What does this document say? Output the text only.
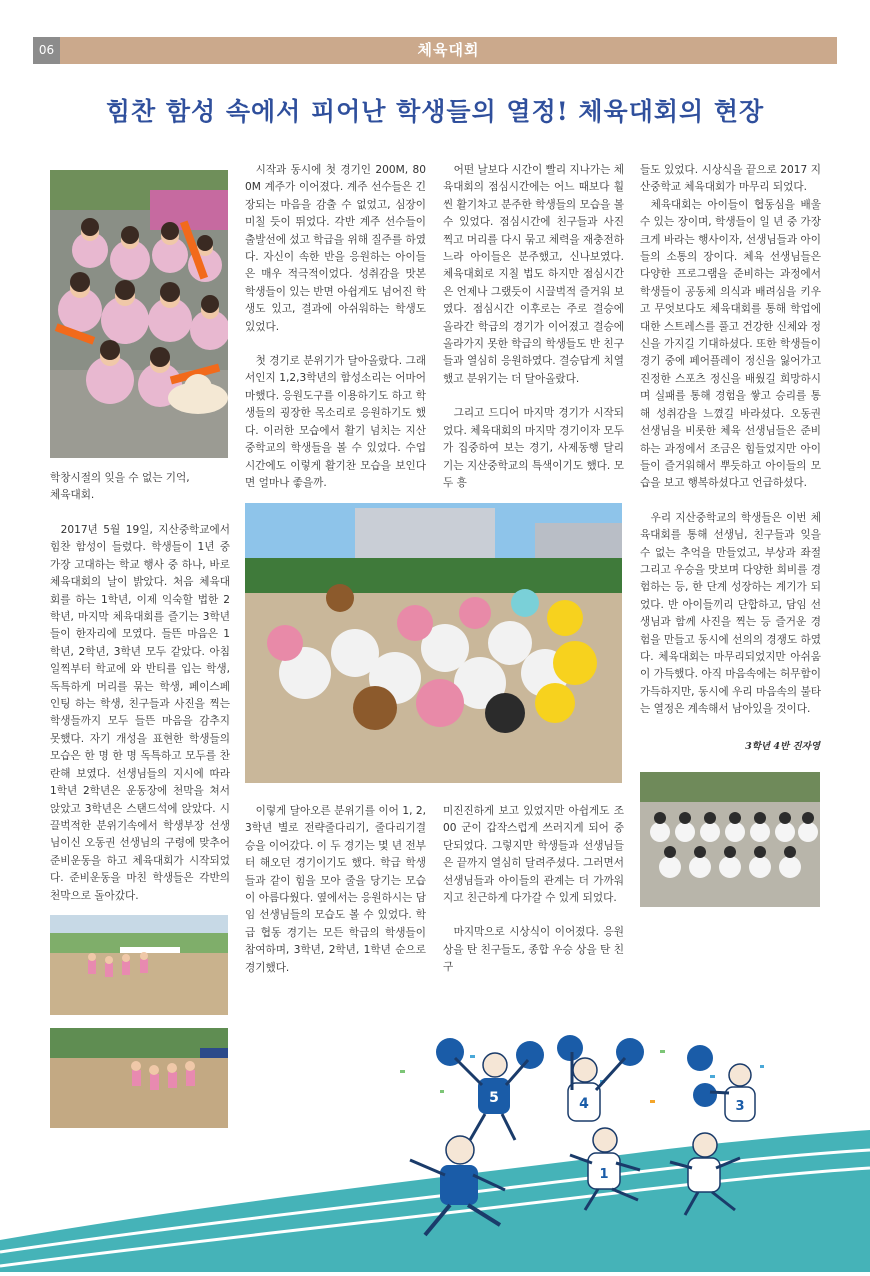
06	체육대회
힘찬 함성 속에서 피어난 학생들의 열정! 체육대회의 현장
학창시절의 잊을 수 없는 기억,
체육대회.

2017년 5월 19일, 지산중학교에서 힘찬 함성이 들렸다. 학생들이 1년 중 가장 고대하는 학교 행사 중 하나, 바로 체육대회의 날이 밝았다. 처음 체육대회를 하는 1학년, 이제 익숙할 법한 2학년, 마지막 체육대회를 즐기는 3학년들이 한자리에 모였다. 들뜬 마음은 1학년, 2학년, 3학년 모두 같았다. 아침 일찍부터 학교에 와 반티를 입는 학생, 독특하게 머리를 묶는 학생, 페이스페인팅 하는 학생, 친구들과 사진을 찍는 학생들까지 모두 들뜬 마음을 감추지 못했다. 자기 개성을 표현한 학생들의 모습은 한 명 한 명 독특하고 모두를 찬란해 보였다. 선생님들의 지시에 따라 1학년 2학년은 운동장에 천막을 쳐서 앉았고 3학년은 스탠드석에 앉았다. 시끌벅적한 분위기속에서 학생부장 선생님이신 오동권 선생님의 구령에 맞추어 준비운동을 하고 체육대회가 시작되었다. 준비운동을 마친 학생들은 각반의 천막으로 돌아갔다.

시작과 동시에 첫 경기인 200M, 800M 계주가 이어졌다. 계주 선수들은 긴장되는 마음을 감출 수 없었고, 심장이 미칠 듯이 뛰었다. 각반 계주 선수들이 출발선에 섰고 학급을 위해 질주를 하였다. 자신이 속한 반을 응원하는 아이들은 매우 적극적이었다. 성취감을 맛본 학생들이 있는 반면 아쉽게도 넘어진 학생도 있고, 결과에 아쉬워하는 학생도 있었다.

첫 경기로 분위기가 달아올랐다. 그래서인지 1,2,3학년의 함성소리는 어마어마했다. 응원도구를 이용하기도 하고 학생들의 굉장한 목소리로 응원하기도 했다. 이러한 모습에서 활기 넘치는 지산중학교의 학생들을 볼 수 있었다. 수업시간에도 이렇게 활기찬 모습을 보인다면 얼마나 좋을까.

어떤 날보다 시간이 빨리 지나가는 체육대회의 점심시간에는 어느 때보다 훨씬 활기차고 분주한 학생들의 모습을 볼 수 있었다. 점심시간에 친구들과 사진 찍고 머리를 다시 묶고 체력을 재충전하느라 아이들은 분주했고, 신나보였다. 체육대회로 지칠 법도 하지만 점심시간은 언제나 그랬듯이 시끌벅적 즐거워 보였다. 점심시간 이후로는 주로 결승에 올라간 학급의 경기가 이어졌고 결승에 올라가지 못한 학급의 학생들도 반 친구들과 열심히 응원하였다. 결승답게 치열했고 분위기는 더 달아올랐다.

그리고 드디어 마지막 경기가 시작되었다. 체육대회의 마지막 경기이자 모두가 집중하여 보는 경기, 사제동행 달리기는 지산중학교의 특색이기도 했다. 모두 흥

들도 있었다. 시상식을 끝으로 2017 지산중학교 체육대회가 마무리 되었다.

체육대회는 아이들이 협동심을 배울 수 있는 장이며, 학생들이 일 년 중 가장 크게 바라는 행사이자, 선생님들과 아이들의 소통의 장이다. 체육 선생님들은 다양한 프로그램을 준비하는 과정에서 학생들이 공동체 의식과 배려심을 키우고 무엇보다도 체육대회를 통해 학업에 대한 스트레스를 풀고 건강한 신체와 정신을 가지길 기대하셨다. 또한 학생들이 경기 중에 페어플레이 정신을 잃어가고 진정한 스포츠 정신을 배웠길 희망하시며 실패를 통해 경험을 쌓고 승리를 통해 성취감을 느꼈길 바라셨다. 오동권 선생님을 비롯한 체육 선생님들은 준비하는 과정에서 조금은 힘들었지만 아이들이 즐거워해서 뿌듯하고 아이들의 모습을 보고 행복하셨다고 언급하셨다.

우리 지산중학교의 학생들은 이번 체육대회를 통해 선생님, 친구들과 잊을 수 없는 추억을 만들었고, 부상과 좌절 그리고 우승을 맛보며 다양한 희비를 경험하는 등, 한 단계 성장하는 계기가 되었다. 반 아이들끼리 단합하고, 담임 선생님과 함께 사진을 찍는 등 즐거운 경험을 만들고 동시에 선의의 경쟁도 하였다. 체육대회는 마무리되었지만 아쉬움이 가득했다. 아직 마음속에는 허무함이 가득하지만, 동시에 우리 마음속의 불타는 열정은 계속해서 남아있을 것이다.

3학년 4반 진자영

이렇게 달아오른 분위기를 이어 1, 2, 3학년 별로 전략줄다리기, 줄다리기결승을 이어갔다. 이 두 경기는 몇 년 전부터 해오던 경기이기도 했다. 학급 학생들과 같이 힘을 모아 줄을 당기는 모습이 아름다웠다. 옆에서는 응원하시는 담임 선생님들의 모습도 볼 수 있었다. 학급 협동 경기는 모든 학급의 학생들이 참여하며, 3학년, 2학년, 1학년 순으로 경기했다.

미진진하게 보고 있었지만 아쉽게도 조00 군이 갑작스럽게 쓰러지게 되어 중단되었다. 그렇지만 학생들과 선생님들은 끝까지 열심히 달려주셨다. 그러면서 선생님들과 아이들의 관계는 더 가까워지고 친근하게 다가갈 수 있게 되었다.

마지막으로 시상식이 이어졌다. 응원상을 탄 친구들도, 종합 우승 상을 탄 친구

5	4	3
1
